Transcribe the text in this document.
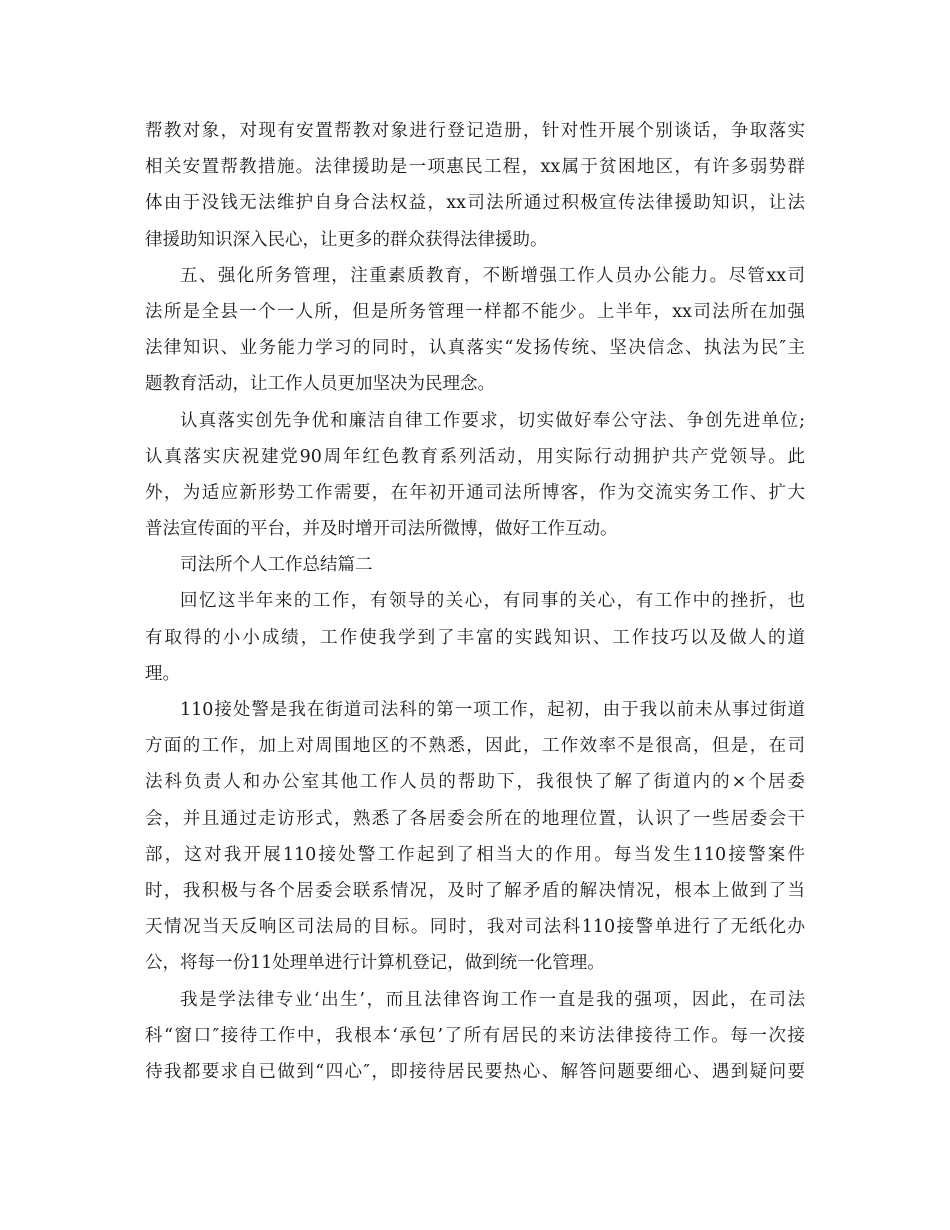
帮教对象，对现有安置帮教对象进行登记造册，针对性开展个别谈话，争取落实
相关安置帮教措施。法律援助是一项惠民工程，xx属于贫困地区，有许多弱势群
体由于没钱无法维护自身合法权益，xx司法所通过积极宣传法律援助知识，让法
律援助知识深入民心，让更多的群众获得法律援助。
五、强化所务管理，注重素质教育，不断增强工作人员办公能力。尽管xx司
法所是全县一个一人所，但是所务管理一样都不能少。上半年，xx司法所在加强
法律知识、业务能力学习的同时，认真落实“发扬传统、坚决信念、执法为民″主
题教育活动，让工作人员更加坚决为民理念。
认真落实创先争优和廉洁自律工作要求，切实做好奉公守法、争创先进单位;
认真落实庆祝建党90周年红色教育系列活动，用实际行动拥护共产党领导。此
外，为适应新形势工作需要，在年初开通司法所博客，作为交流实务工作、扩大
普法宣传面的平台，并及时增开司法所微博，做好工作互动。
司法所个人工作总结篇二
回忆这半年来的工作，有领导的关心，有同事的关心，有工作中的挫折，也
有取得的小小成绩，工作使我学到了丰富的实践知识、工作技巧以及做人的道
理。
110接处警是我在街道司法科的第一项工作，起初，由于我以前未从事过街道
方面的工作，加上对周围地区的不熟悉，因此，工作效率不是很高，但是，在司
法科负责人和办公室其他工作人员的帮助下，我很快了解了街道内的×个居委
会，并且通过走访形式，熟悉了各居委会所在的地理位置，认识了一些居委会干
部，这对我开展110接处警工作起到了相当大的作用。每当发生110接警案件
时，我积极与各个居委会联系情况，及时了解矛盾的解决情况，根本上做到了当
天情况当天反响区司法局的目标。同时，我对司法科110接警单进行了无纸化办
公，将每一份11处理单进行计算机登记，做到统一化管理。
我是学法律专业‘出生’，而且法律咨询工作一直是我的强项，因此，在司法
科“窗口″接待工作中，我根本‘承包’了所有居民的来访法律接待工作。每一次接
待我都要求自已做到“四心″，即接待居民要热心、解答问题要细心、遇到疑问要
